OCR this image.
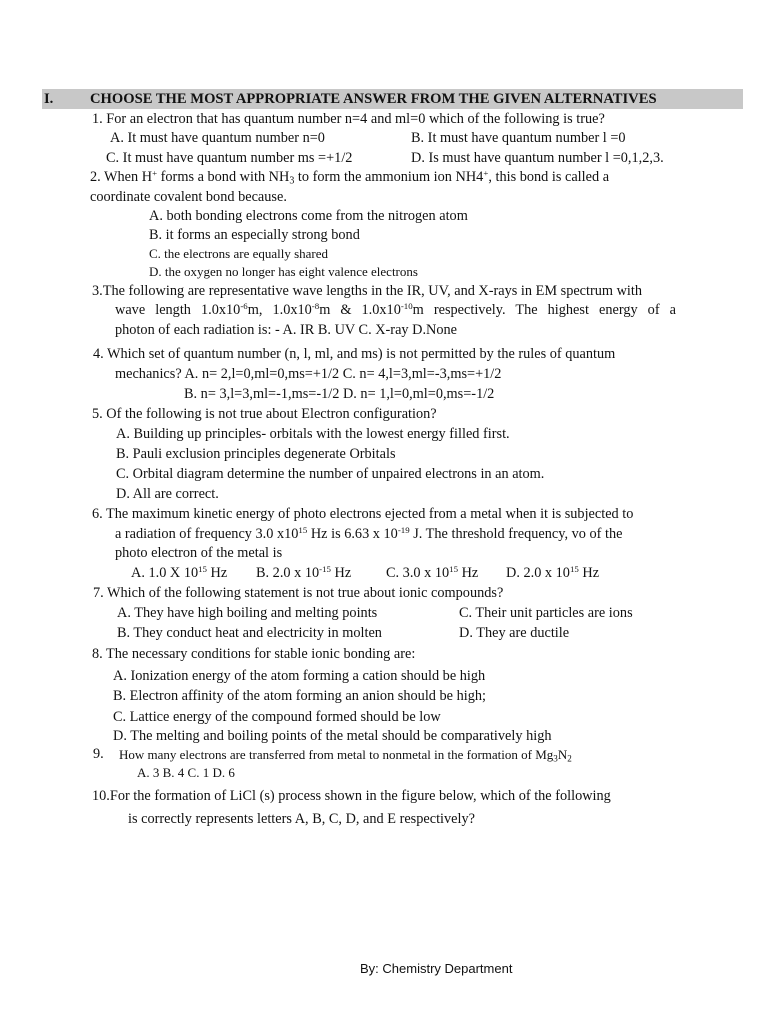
I.	CHOOSE THE MOST APPROPRIATE ANSWER FROM THE GIVEN ALTERNATIVES
1. For an electron that has quantum number n=4 and ml=0 which of the following is true?
A. It must have quantum number n=0	B. It must have quantum number l =0
C. It must have quantum number ms =+1/2	D. Is must have quantum number l =0,1,2,3.
2. When H+ forms a bond with $NH_3$ to form the ammonium ion NH4+, this bond is called a
coordinate covalent bond because.
A. both bonding electrons come from the nitrogen atom
B. it forms an especially strong bond
C. the electrons are equally shared
D. the oxygen no longer has eight valence electrons
3.The following are representative wave lengths in the IR, UV, and X-rays in EM spectrum with
wave length $1.0x10^{-6}m$, $1.0x10^{-8}m$ & $1.0x10^{-10}m$ respectively. The highest energy of a
photon of each radiation is: - A. IR B. UV C. X-ray D.None
4. Which set of quantum number (n, l, ml, and ms) is not permitted by the rules of quantum
mechanics? A. n= 2,l=0,ml=0,ms=+1/2 C. n= 4,l=3,ml=-3,ms=+1/2
B. n= 3,l=3,ml=-1,ms=-1/2 D. n= 1,l=0,ml=0,ms=-1/2
5. Of the following is not true about Electron configuration?
A. Building up principles- orbitals with the lowest energy filled first.
B. Pauli exclusion principles degenerate Orbitals
C. Orbital diagram determine the number of unpaired electrons in an atom.
D. All are correct.
6. The maximum kinetic energy of photo electrons ejected from a metal when it is subjected to
a radiation of frequency 3.0 $x10^{15}$ Hz is 6.63 x $10^{-19}$ J. The threshold frequency, vo of the
photo electron of the metal is
A. 1.0 X $10^{15}$ Hz B. 2.0 x $10^{-15}$ Hz C. 3.0 x $10^{15}$ Hz D. 2.0 x $10^{15}$ Hz
7. Which of the following statement is not true about ionic compounds?
A. They have high boiling and melting points	C. Their unit particles are ions
B. They conduct heat and electricity in molten	D. They are ductile
8. The necessary conditions for stable ionic bonding are:
A. Ionization energy of the atom forming a cation should be high
B. Electron affinity of the atom forming an anion should be high;
C. Lattice energy of the compound formed should be low
D. The melting and boiling points of the metal should be comparatively high
9. How many electrons are transferred from metal to nonmetal in the formation of $Mg_3N_2$
A. 3 B. 4 C. 1 D. 6
10.For the formation of LiCl (s) process shown in the figure below, which of the following
is correctly represents letters A, B, C, D, and E respectively?
By: Chemistry Department
